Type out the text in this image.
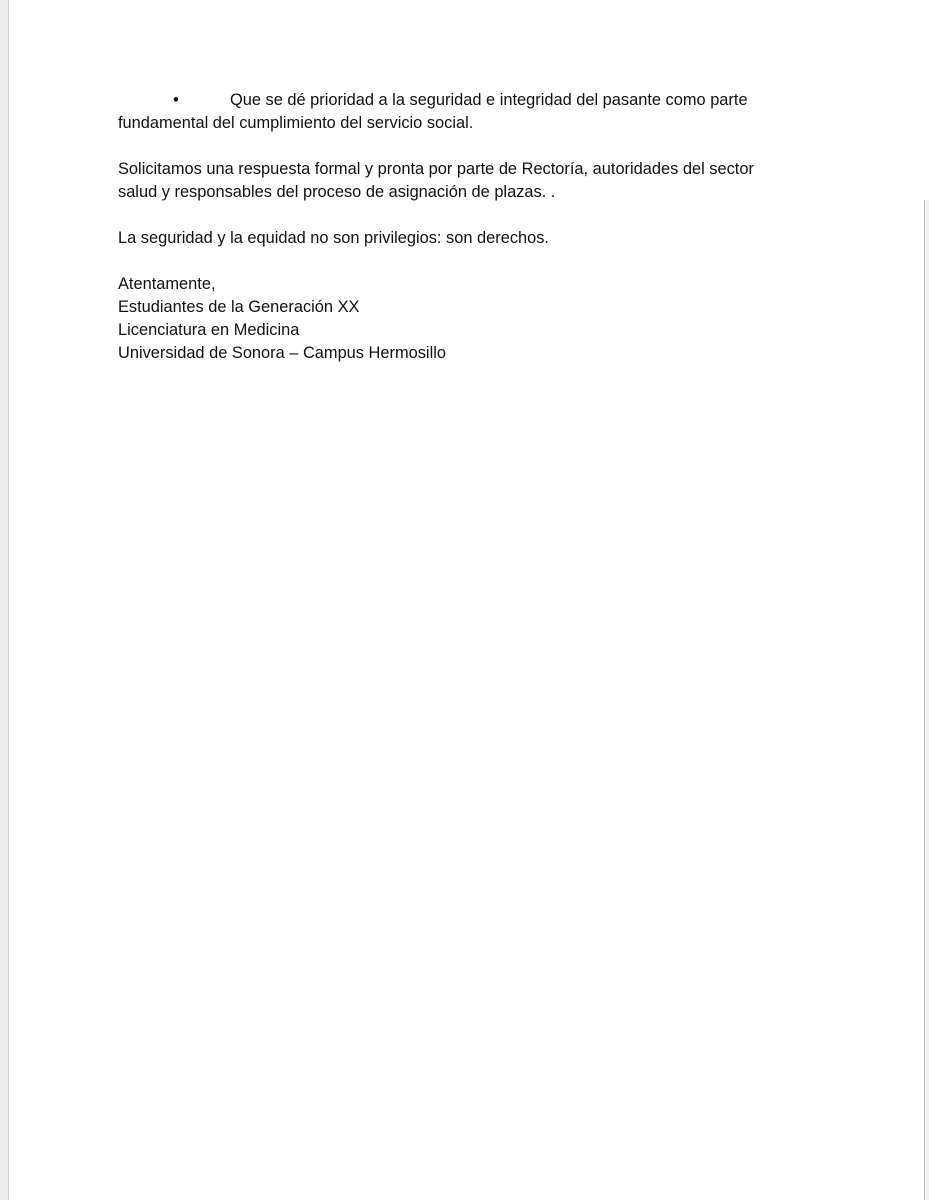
•	Que se dé prioridad a la seguridad e integridad del pasante como parte
fundamental del cumplimiento del servicio social.

Solicitamos una respuesta formal y pronta por parte de Rectoría, autoridades del sector
salud y responsables del proceso de asignación de plazas. .

La seguridad y la equidad no son privilegios: son derechos.

Atentamente,
Estudiantes de la Generación XX
Licenciatura en Medicina
Universidad de Sonora – Campus Hermosillo
